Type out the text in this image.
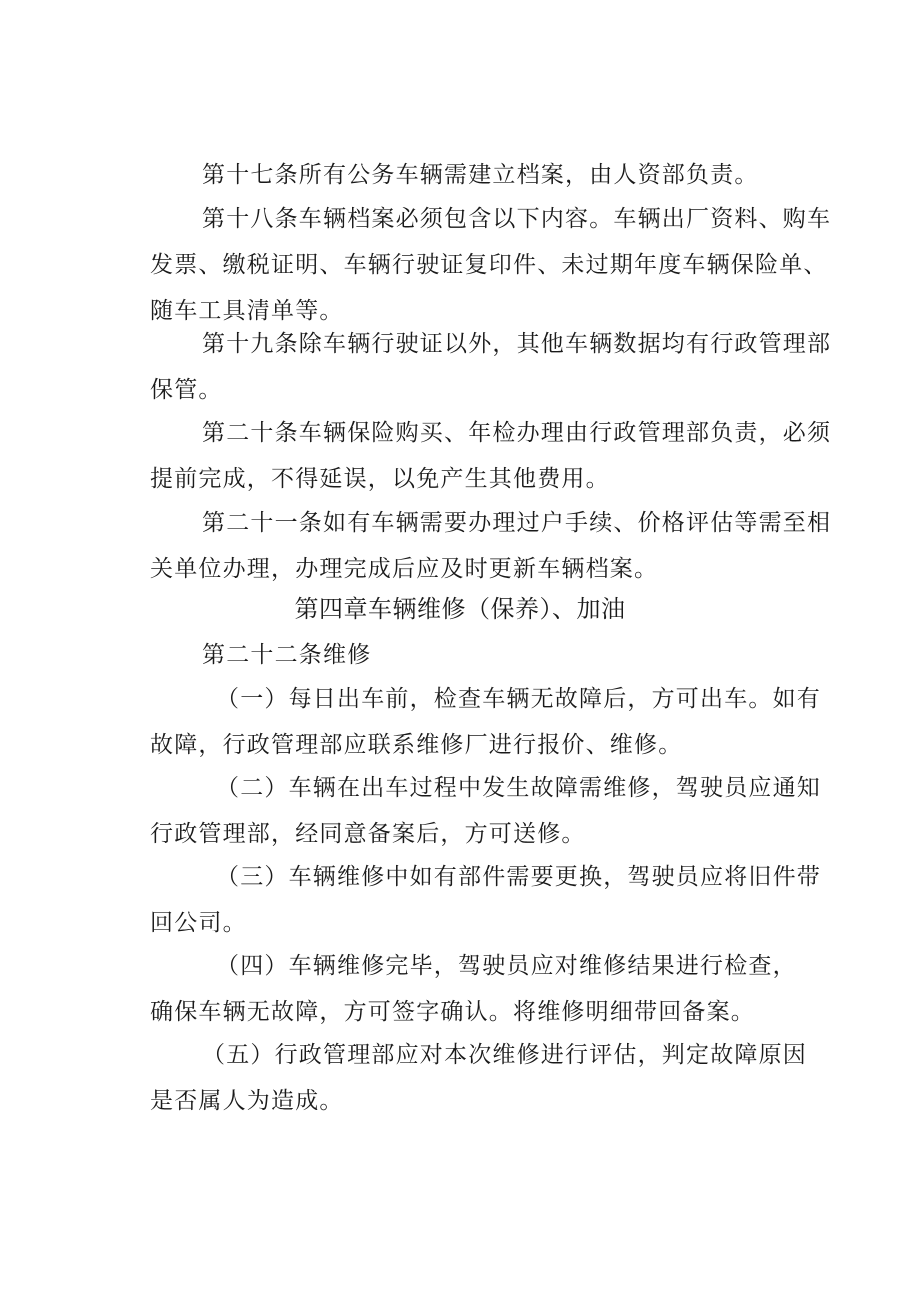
第十七条所有公务车辆需建立档案，由人资部负责。

第十八条车辆档案必须包含以下内容。车辆出厂资料、购车
发票、缴税证明、车辆行驶证复印件、未过期年度车辆保险单、
随车工具清单等。

第十九条除车辆行驶证以外，其他车辆数据均有行政管理部
保管。

第二十条车辆保险购买、年检办理由行政管理部负责，必须
提前完成，不得延误，以免产生其他费用。

第二十一条如有车辆需要办理过户手续、价格评估等需至相
关单位办理，办理完成后应及时更新车辆档案。

第四章车辆维修（保养）、加油

第二十二条维修

（一）每日出车前，检查车辆无故障后，方可出车。如有
故障，行政管理部应联系维修厂进行报价、维修。

（二）车辆在出车过程中发生故障需维修，驾驶员应通知
行政管理部，经同意备案后，方可送修。

（三）车辆维修中如有部件需要更换，驾驶员应将旧件带
回公司。

（四）车辆维修完毕，驾驶员应对维修结果进行检查，
确保车辆无故障，方可签字确认。将维修明细带回备案。

（五）行政管理部应对本次维修进行评估，判定故障原因
是否属人为造成。
